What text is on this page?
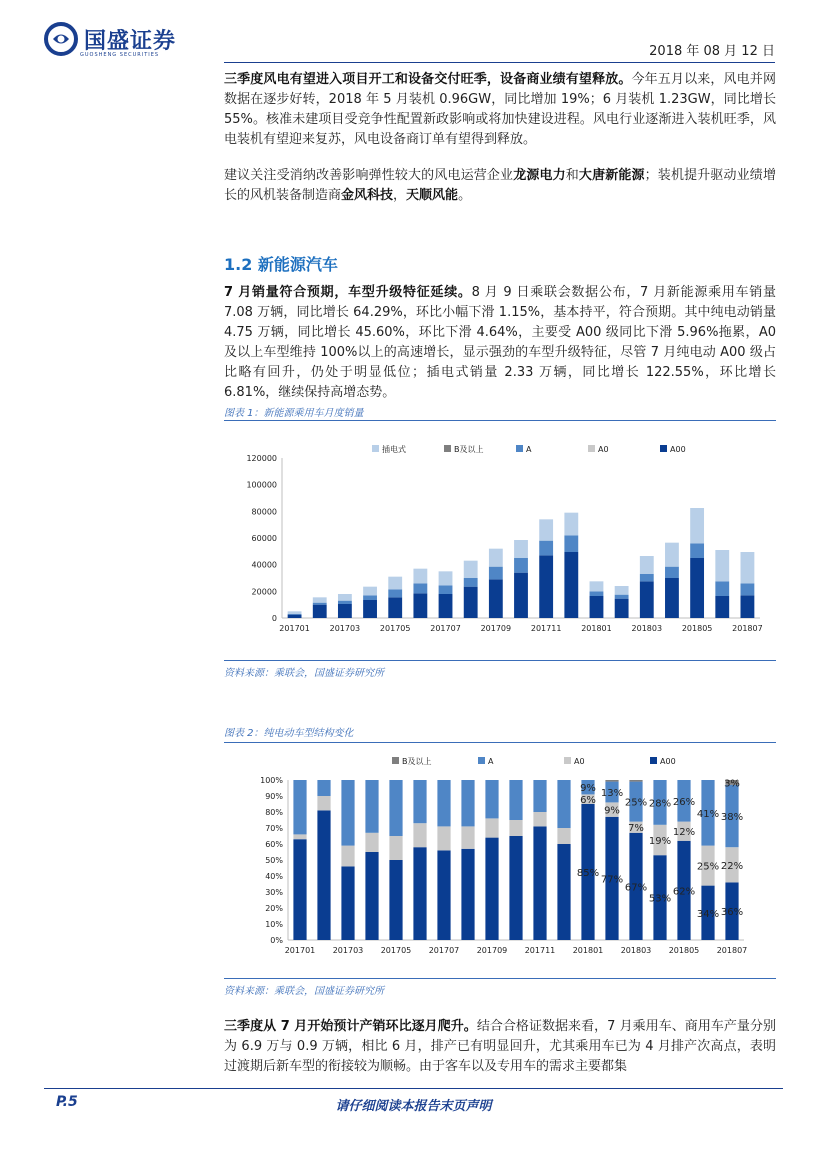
国盛证券
GUOSHENG SECURITIES	2018 年 08 月 12 日
三季度风电有望进入项目开工和设备交付旺季，设备商业绩有望释放。今年五月以来，风电并网数据在逐步好转，2018 年 5 月装机 0.96GW，同比增加 19%；6 月装机 1.23GW，同比增长 55%。核准未建项目受竞争性配置新政影响或将加快建设进程。风电行业逐渐进入装机旺季，风电装机有望迎来复苏，风电设备商订单有望得到释放。
建议关注受消纳改善影响弹性较大的风电运营企业龙源电力和大唐新能源；装机提升驱动业绩增长的风机装备制造商金风科技，天顺风能。
1.2 新能源汽车
7 月销量符合预期，车型升级特征延续。8 月 9 日乘联会数据公布，7 月新能源乘用车销量 7.08 万辆，同比增长 64.29%，环比小幅下滑 1.15%，基本持平，符合预期。其中纯电动销量 4.75 万辆，同比增长 45.60%，环比下滑 4.64%，主要受 A00 级同比下滑 5.96%拖累，A0 及以上车型维持 100%以上的高速增长，显示强劲的车型升级特征，尽管 7 月纯电动 A00 级占比略有回升，仍处于明显低位；插电式销量 2.33 万辆，同比增长 122.55%，环比增长 6.81%，继续保持高增态势。
图表 1：新能源乘用车月度销量
0
20000
40000
60000
80000
100000
120000
201701 201703 201705 201707 201709 201711 201801 201803 201805 201807
插电式	B及以上	A	A0	A00
资料来源：乘联会，国盛证券研究所
图表 2：纯电动车型结构变化
0%
10%
20%
30%
40%
50%
60%
70%
80%
90%
100%
201701 201703 201705 201707 201709 201711
85%
6%
9%
201801
77%
9%
13%
67%
7%
25%
201803
53%
19%
28%
62%
12%
26%
201805
34%
25%
41%
36%
22%
38%
3%
201807
B及以上	A	A0	A00
资料来源：乘联会，国盛证券研究所
三季度从 7 月开始预计产销环比逐月爬升。结合合格证数据来看，7 月乘用车、商用车产量分别为 6.9 万与 0.9 万辆，相比 6 月，排产已有明显回升，尤其乘用车已为 4 月排产次高点，表明过渡期后新车型的衔接较为顺畅。由于客车以及专用车的需求主要都集
P.5	请仔细阅读本报告末页声明
